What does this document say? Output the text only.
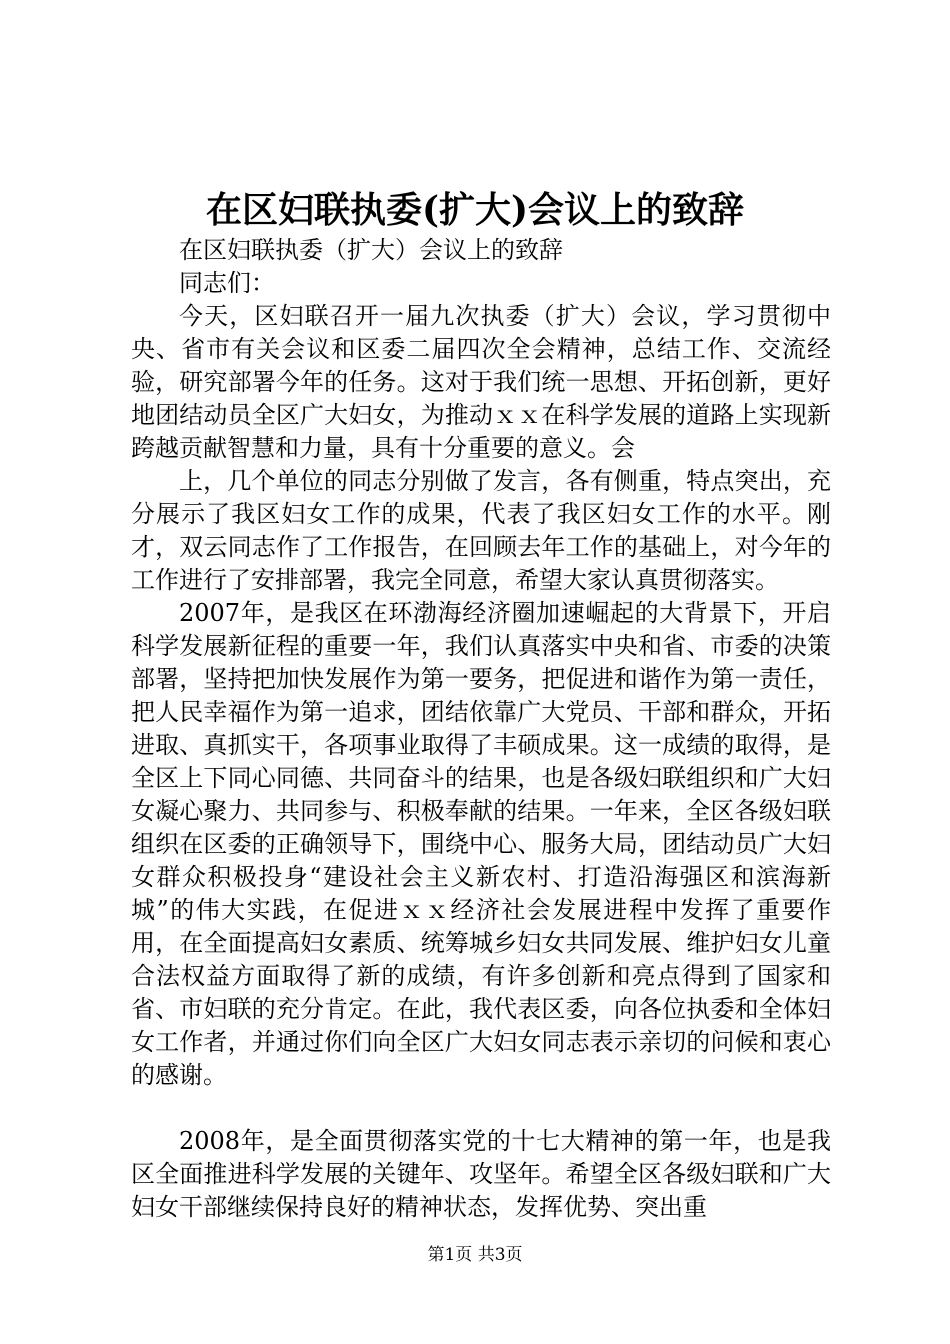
在区妇联执委(扩大)会议上的致辞

在区妇联执委（扩大）会议上的致辞

同志们：

今天，区妇联召开一届九次执委（扩大）会议，学习贯彻中央、省市有关会议和区委二届四次全会精神，总结工作、交流经验，研究部署今年的任务。这对于我们统一思想、开拓创新，更好地团结动员全区广大妇女，为推动ｘｘ在科学发展的道路上实现新跨越贡献智慧和力量，具有十分重要的意义。会

上，几个单位的同志分别做了发言，各有侧重，特点突出，充分展示了我区妇女工作的成果，代表了我区妇女工作的水平。刚才，双云同志作了工作报告，在回顾去年工作的基础上，对今年的工作进行了安排部署，我完全同意，希望大家认真贯彻落实。

2007年，是我区在环渤海经济圈加速崛起的大背景下，开启科学发展新征程的重要一年，我们认真落实中央和省、市委的决策部署，坚持把加快发展作为第一要务，把促进和谐作为第一责任，把人民幸福作为第一追求，团结依靠广大党员、干部和群众，开拓进取、真抓实干，各项事业取得了丰硕成果。这一成绩的取得，是全区上下同心同德、共同奋斗的结果，也是各级妇联组织和广大妇女凝心聚力、共同参与、积极奉献的结果。一年来，全区各级妇联组织在区委的正确领导下，围绕中心、服务大局，团结动员广大妇女群众积极投身“建设社会主义新农村、打造沿海强区和滨海新城”的伟大实践，在促进ｘｘ经济社会发展进程中发挥了重要作用，在全面提高妇女素质、统筹城乡妇女共同发展、维护妇女儿童合法权益方面取得了新的成绩，有许多创新和亮点得到了国家和省、市妇联的充分肯定。在此，我代表区委，向各位执委和全体妇女工作者，并通过你们向全区广大妇女同志表示亲切的问候和衷心的感谢。

2008年，是全面贯彻落实党的十七大精神的第一年，也是我区全面推进科学发展的关键年、攻坚年。希望全区各级妇联和广大妇女干部继续保持良好的精神状态，发挥优势、突出重

第1页 共3页
